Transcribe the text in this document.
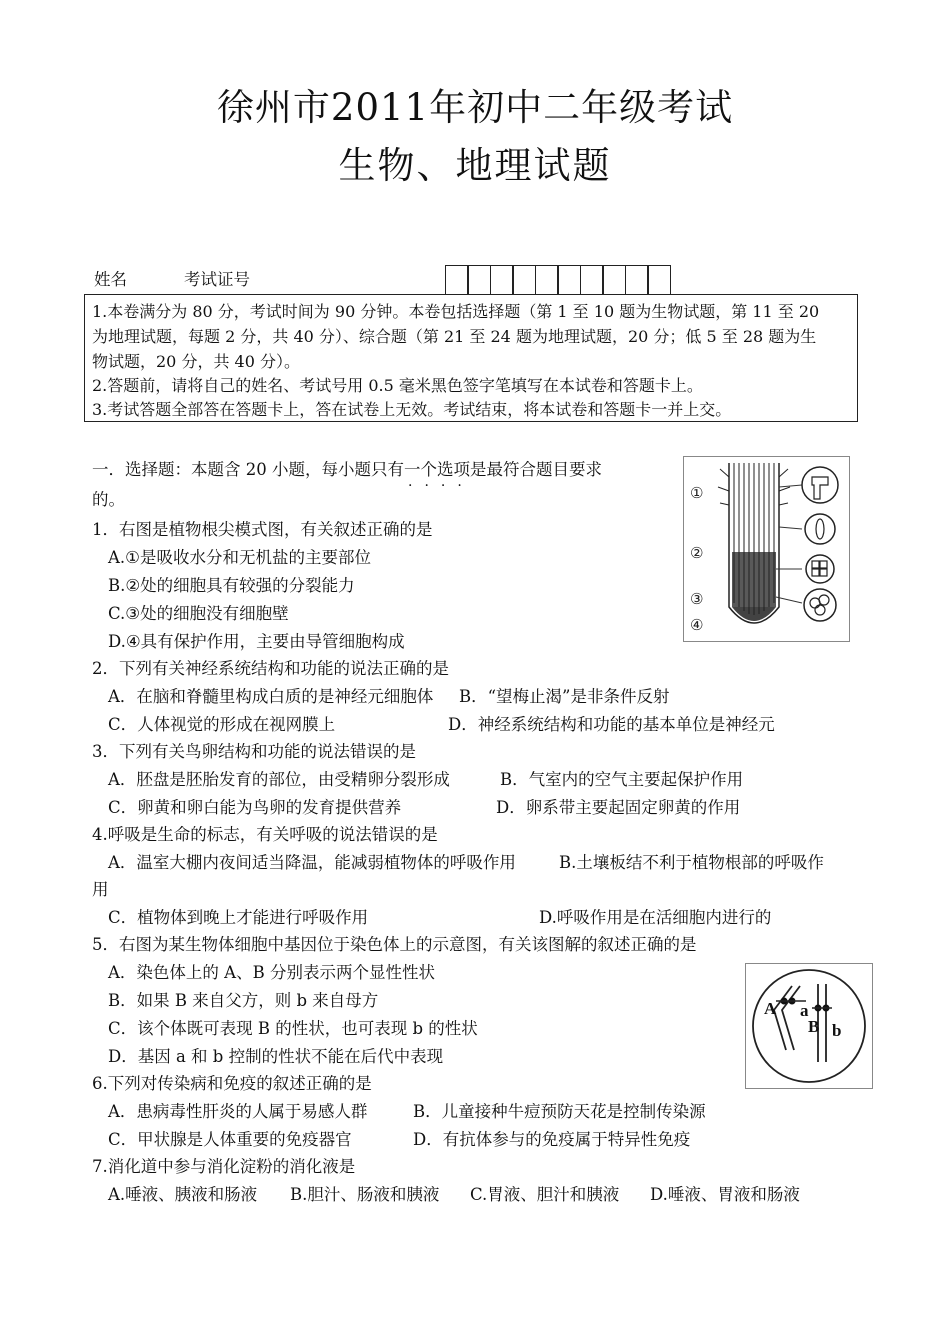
徐州市2011年初中二年级考试
生物、地理试题
姓名	考试证号
1.本卷满分为 80 分，考试时间为 90 分钟。本卷包括选择题（第 1 至 10 题为生物试题，第 11 至 20
为地理试题，每题 2 分，共 40 分）、综合题（第 21 至 24 题为地理试题，20 分；低 5 至 28 题为生
物试题，20 分，共 40 分）。
2.答题前，请将自己的姓名、考试号用 0.5 毫米黑色签字笔填写在本试卷和答题卡上。
3.考试答题全部答在答题卡上，答在试卷上无效。考试结束，将本试卷和答题卡一并上交。
一．选择题：本题含 20 小题，每小题只有一个选项是最符合题目要求
····
的。
1．右图是植物根尖模式图，有关叙述正确的是
A.①是吸收水分和无机盐的主要部位
B.②处的细胞具有较强的分裂能力
C.③处的细胞没有细胞壁
D.④具有保护作用，主要由导管细胞构成
①
②
③
④
2．下列有关神经系统结构和功能的说法正确的是
A．在脑和脊髓里构成白质的是神经元细胞体 B．“望梅止渴”是非条件反射
C．人体视觉的形成在视网膜上	D．神经系统结构和功能的基本单位是神经元
3．下列有关鸟卵结构和功能的说法错误的是
A．胚盘是胚胎发育的部位，由受精卵分裂形成	B．气室内的空气主要起保护作用
C．卵黄和卵白能为鸟卵的发育提供营养	D．卵系带主要起固定卵黄的作用
4.呼吸是生命的标志，有关呼吸的说法错误的是
A．温室大棚内夜间适当降温，能减弱植物体的呼吸作用	B.土壤板结不利于植物根部的呼吸作
用
C．植物体到晚上才能进行呼吸作用	D.呼吸作用是在活细胞内进行的
5．右图为某生物体细胞中基因位于染色体上的示意图，有关该图解的叙述正确的是
A．染色体上的 A、B 分别表示两个显性性状
B．如果 B 来自父方，则 b 来自母方
C．该个体既可表现 B 的性状，也可表现 b 的性状
D．基因 a 和 b 控制的性状不能在后代中表现
A a
B b
6.下列对传染病和免疫的叙述正确的是
A．患病毒性肝炎的人属于易感人群	B．儿童接种牛痘预防天花是控制传染源
C．甲状腺是人体重要的免疫器官	D．有抗体参与的免疫属于特异性免疫
7.消化道中参与消化淀粉的消化液是
A.唾液、胰液和肠液 B.胆汁、肠液和胰液 C.胃液、胆汁和胰液 D.唾液、胃液和肠液
